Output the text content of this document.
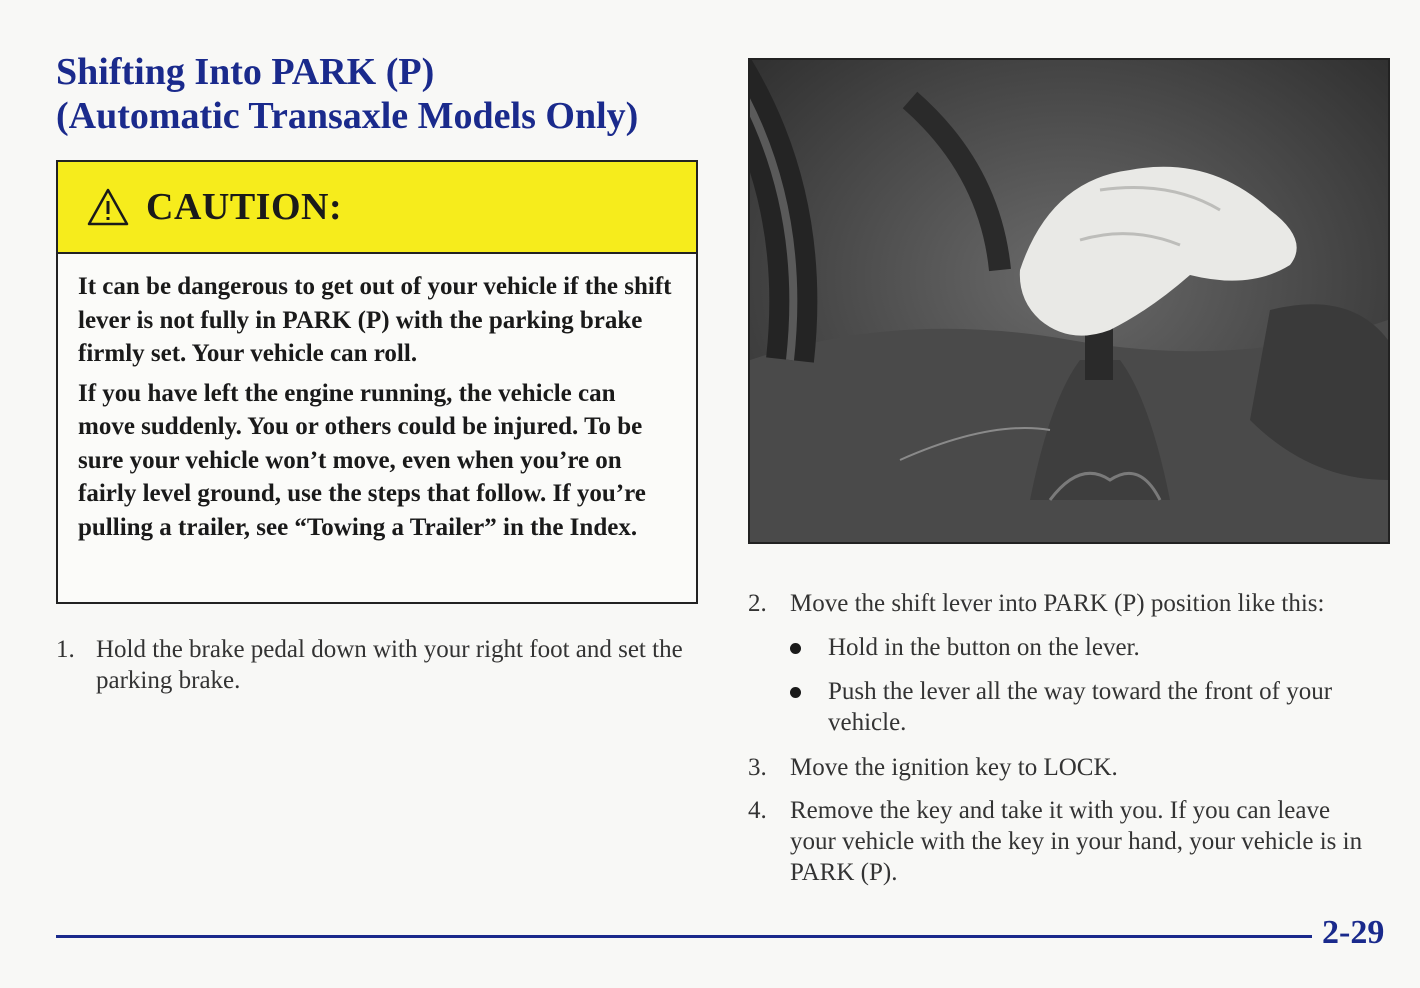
Shifting Into PARK (P)
(Automatic Transaxle Models Only)
CAUTION:

It can be dangerous to get out of your vehicle if the shift lever is not fully in PARK (P) with the parking brake firmly set. Your vehicle can roll.

If you have left the engine running, the vehicle can move suddenly. You or others could be injured. To be sure your vehicle won’t move, even when you’re on fairly level ground, use the steps that follow. If you’re pulling a trailer, see “Towing a Trailer” in the Index.

1. Hold the brake pedal down with your right foot and set the parking brake.
2. Move the shift lever into PARK (P) position like this:
Hold in the button on the lever.
Push the lever all the way toward the front of your vehicle.
3. Move the ignition key to LOCK.
4. Remove the key and take it with you. If you can leave your vehicle with the key in your hand, your vehicle is in PARK (P).
2-29
